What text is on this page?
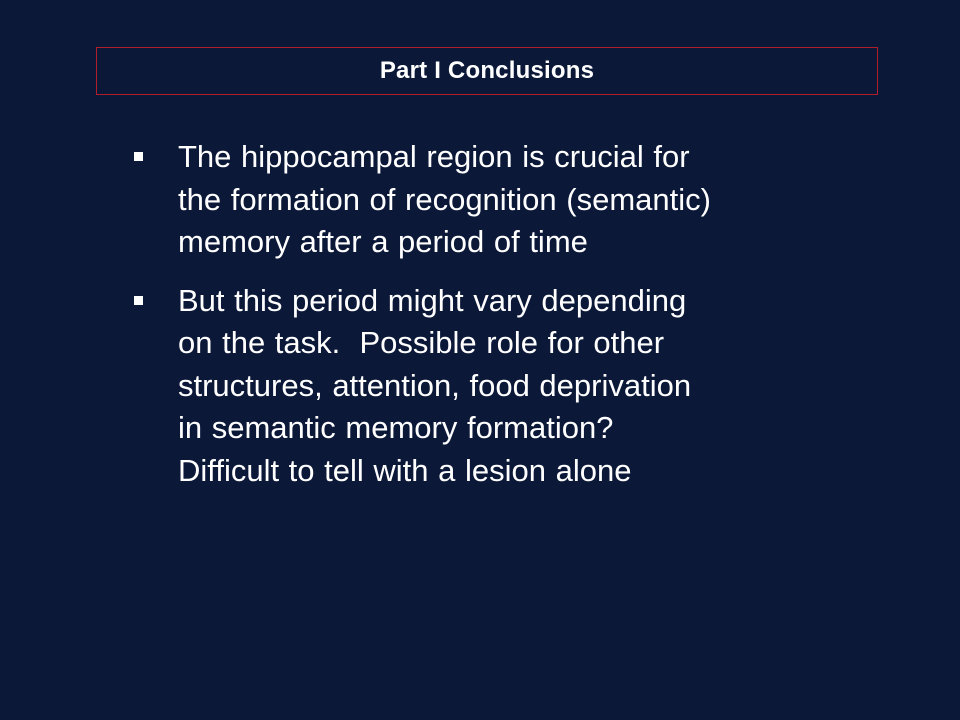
Part I Conclusions
The hippocampal region is crucial for
the formation of recognition (semantic)
memory after a period of time
But this period might vary depending
on the task.  Possible role for other
structures, attention, food deprivation
in semantic memory formation?
Difficult to tell with a lesion alone
